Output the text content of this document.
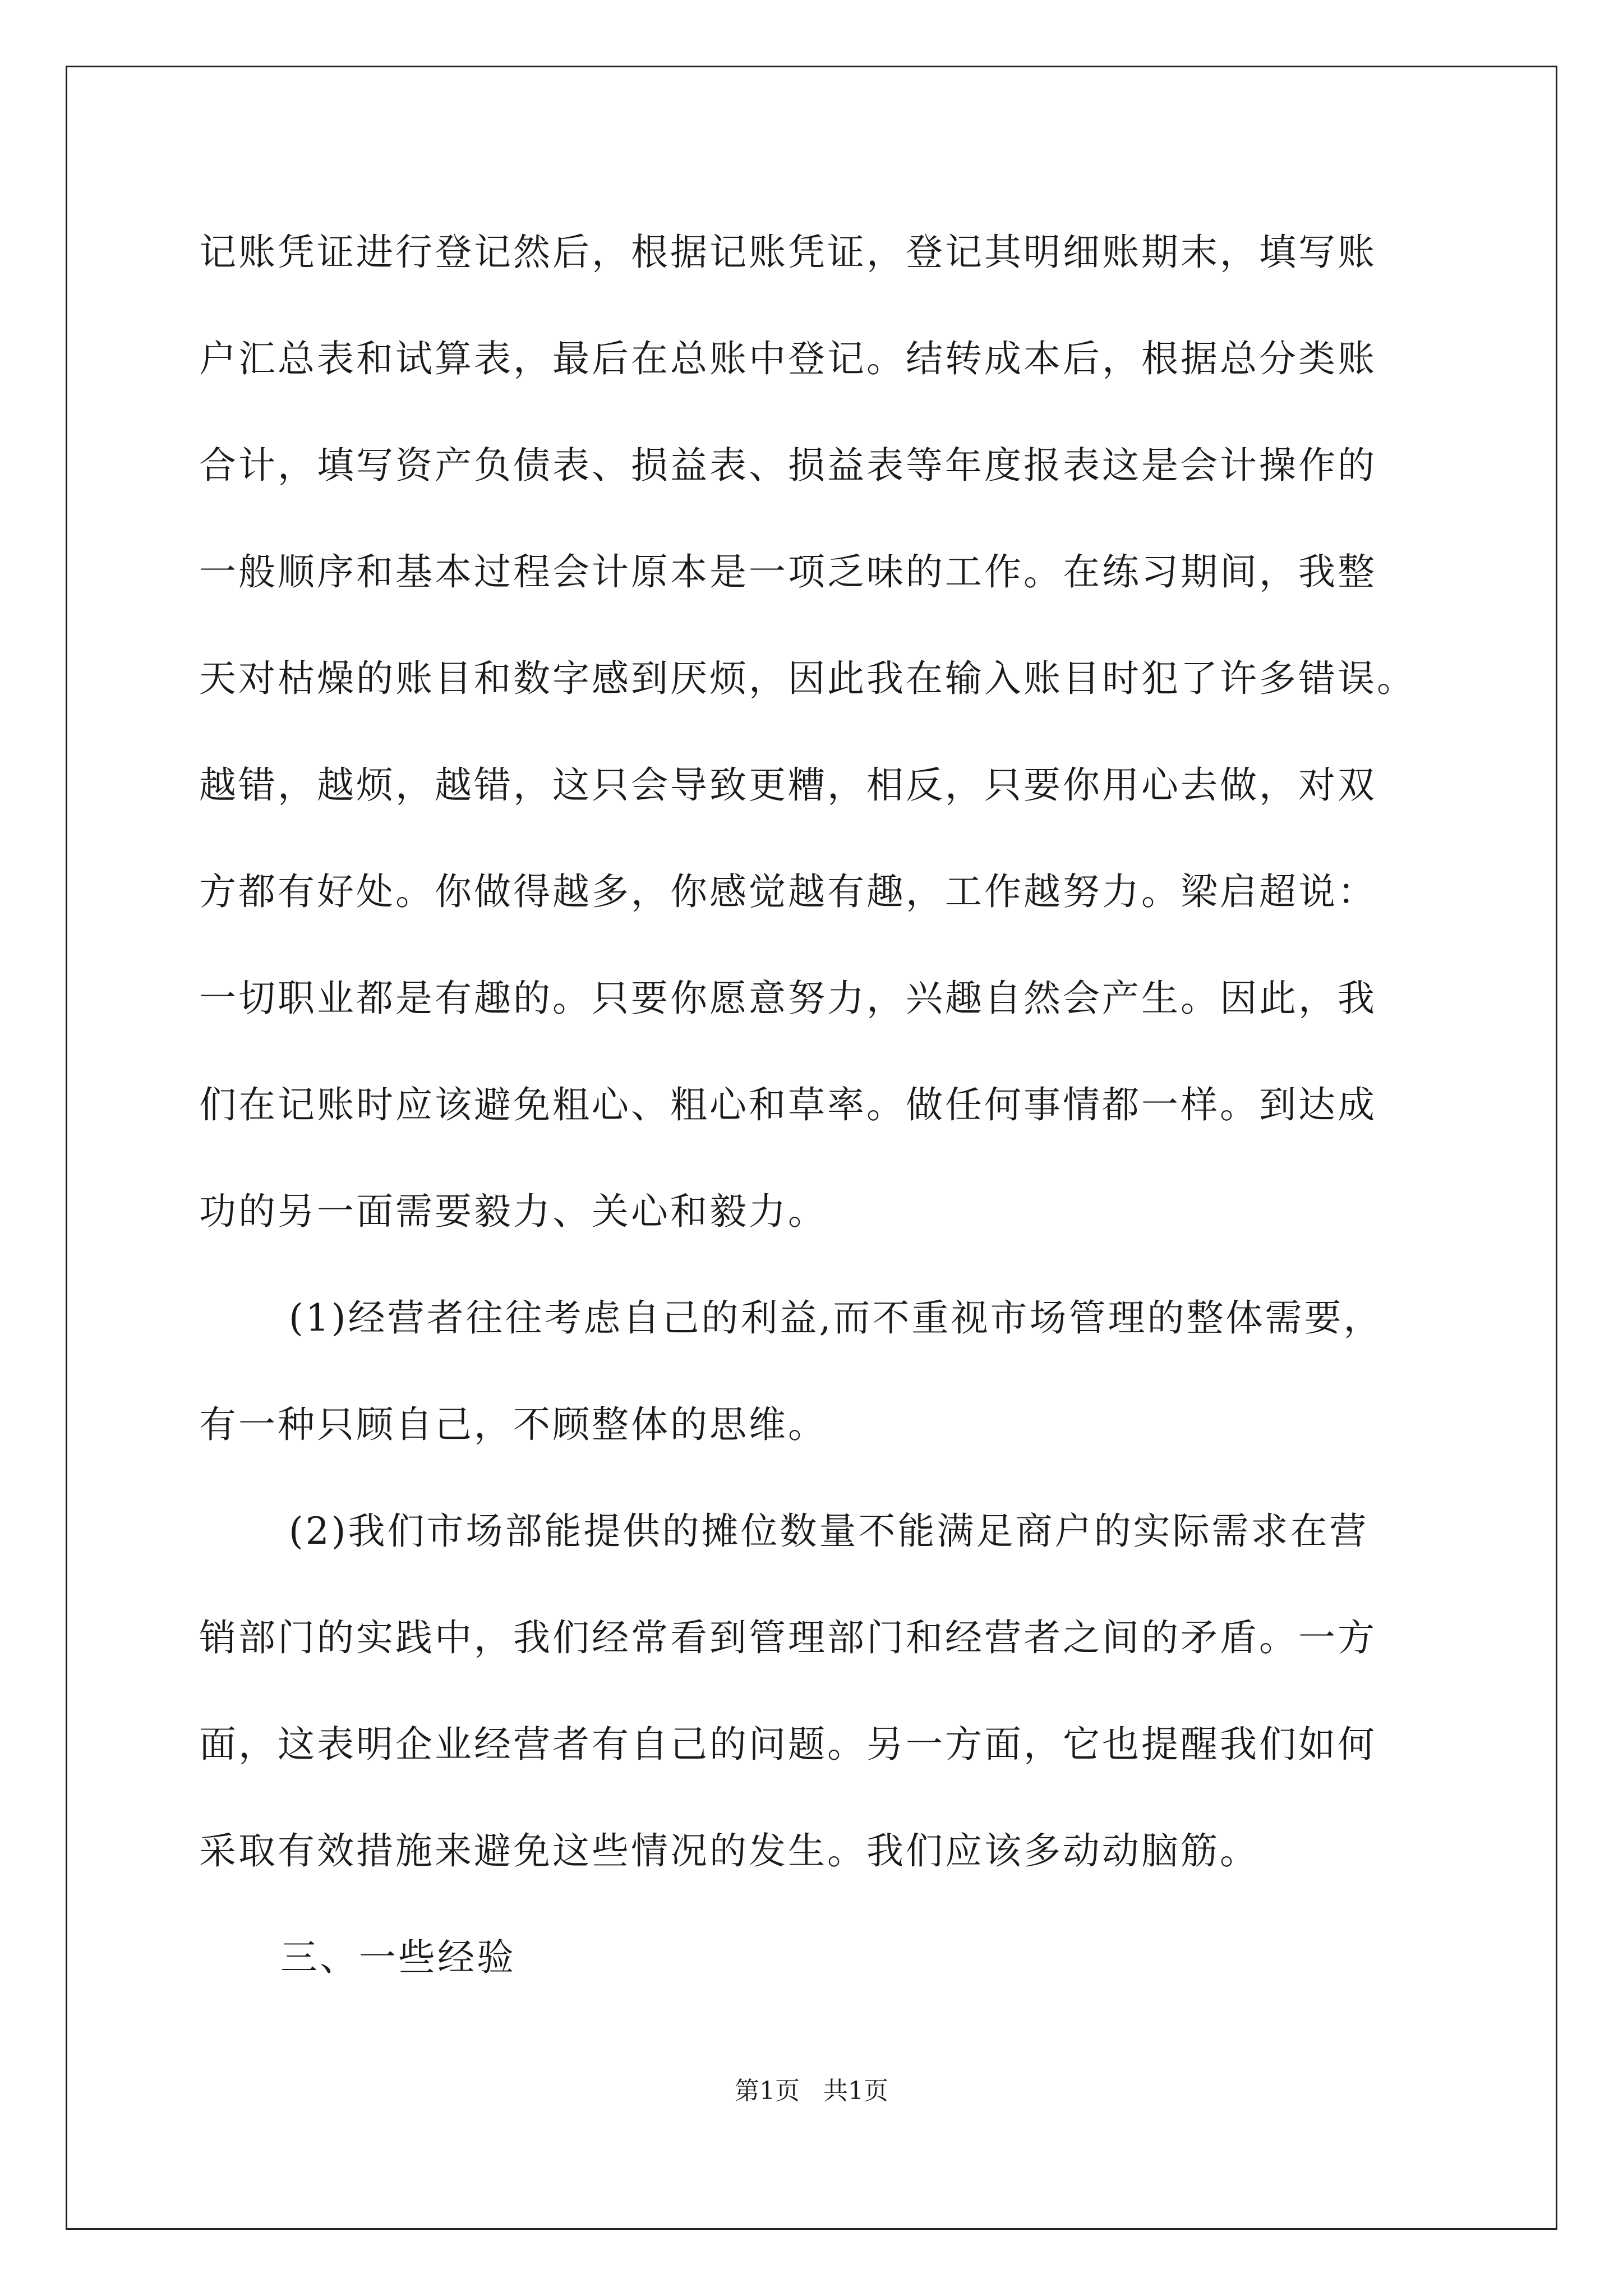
记账凭证进行登记然后，根据记账凭证，登记其明细账期末，填写账
户汇总表和试算表，最后在总账中登记。结转成本后，根据总分类账
合计，填写资产负债表、损益表、损益表等年度报表这是会计操作的
一般顺序和基本过程会计原本是一项乏味的工作。在练习期间，我整
天对枯燥的账目和数字感到厌烦，因此我在输入账目时犯了许多错误。
越错，越烦，越错，这只会导致更糟，相反，只要你用心去做，对双
方都有好处。你做得越多，你感觉越有趣，工作越努力。梁启超说：
一切职业都是有趣的。只要你愿意努力，兴趣自然会产生。因此，我
们在记账时应该避免粗心、粗心和草率。做任何事情都一样。到达成
功的另一面需要毅力、关心和毅力。
(1)经营者往往考虑自己的利益,而不重视市场管理的整体需要，
有一种只顾自己，不顾整体的思维。
(2)我们市场部能提供的摊位数量不能满足商户的实际需求在营
销部门的实践中，我们经常看到管理部门和经营者之间的矛盾。一方
面，这表明企业经营者有自己的问题。另一方面，它也提醒我们如何
采取有效措施来避免这些情况的发生。我们应该多动动脑筋。
三、一些经验
第1页   共1页
